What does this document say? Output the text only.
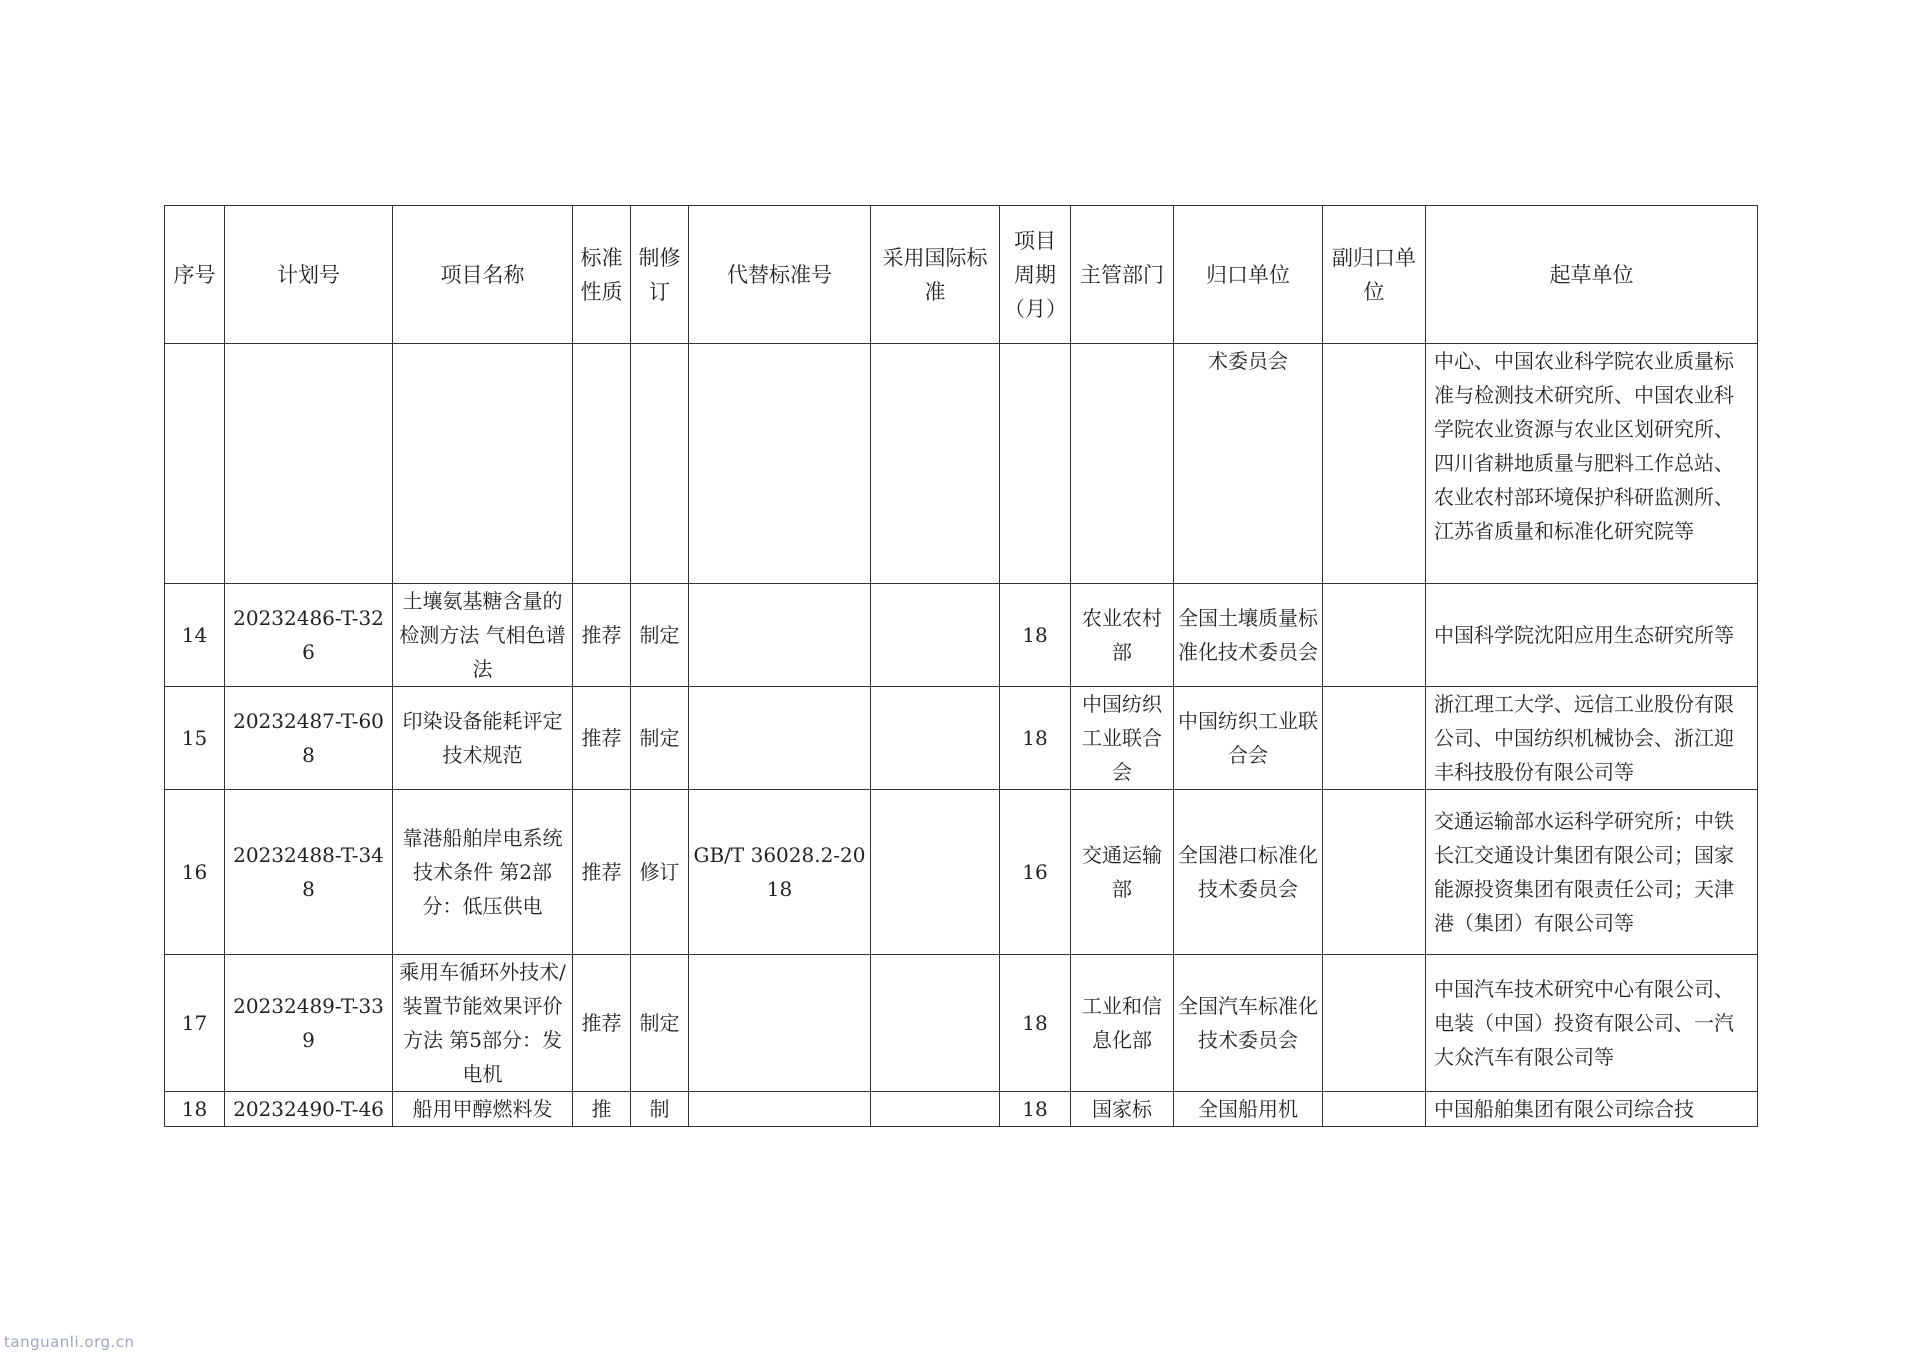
序号	计划号	项目名称	标准性质	制修订	代替标准号	采用国际标准	项目周期（月）	主管部门	归口单位	副归口单位	起草单位
									术委员会		中心、中国农业科学院农业质量标准与检测技术研究所、中国农业科学院农业资源与农业区划研究所、四川省耕地质量与肥料工作总站、农业农村部环境保护科研监测所、江苏省质量和标准化研究院等
14	20232486-T-326	土壤氨基糖含量的检测方法 气相色谱法	推荐	制定			18	农业农村部	全国土壤质量标准化技术委员会		中国科学院沈阳应用生态研究所等
15	20232487-T-608	印染设备能耗评定技术规范	推荐	制定			18	中国纺织工业联合会	中国纺织工业联合会		浙江理工大学、远信工业股份有限公司、中国纺织机械协会、浙江迎丰科技股份有限公司等
16	20232488-T-348	靠港船舶岸电系统技术条件 第2部分：低压供电	推荐	修订	GB/T 36028.2-2018		16	交通运输部	全国港口标准化技术委员会		交通运输部水运科学研究所；中铁长江交通设计集团有限公司；国家能源投资集团有限责任公司；天津港（集团）有限公司等
17	20232489-T-339	乘用车循环外技术/装置节能效果评价方法 第5部分：发电机	推荐	制定			18	工业和信息化部	全国汽车标准化技术委员会		中国汽车技术研究中心有限公司、电装（中国）投资有限公司、一汽大众汽车有限公司等
18	20232490-T-46	船用甲醇燃料发	推	制			18	国家标	全国船用机		中国船舶集团有限公司综合技
tanguanli.org.cn
